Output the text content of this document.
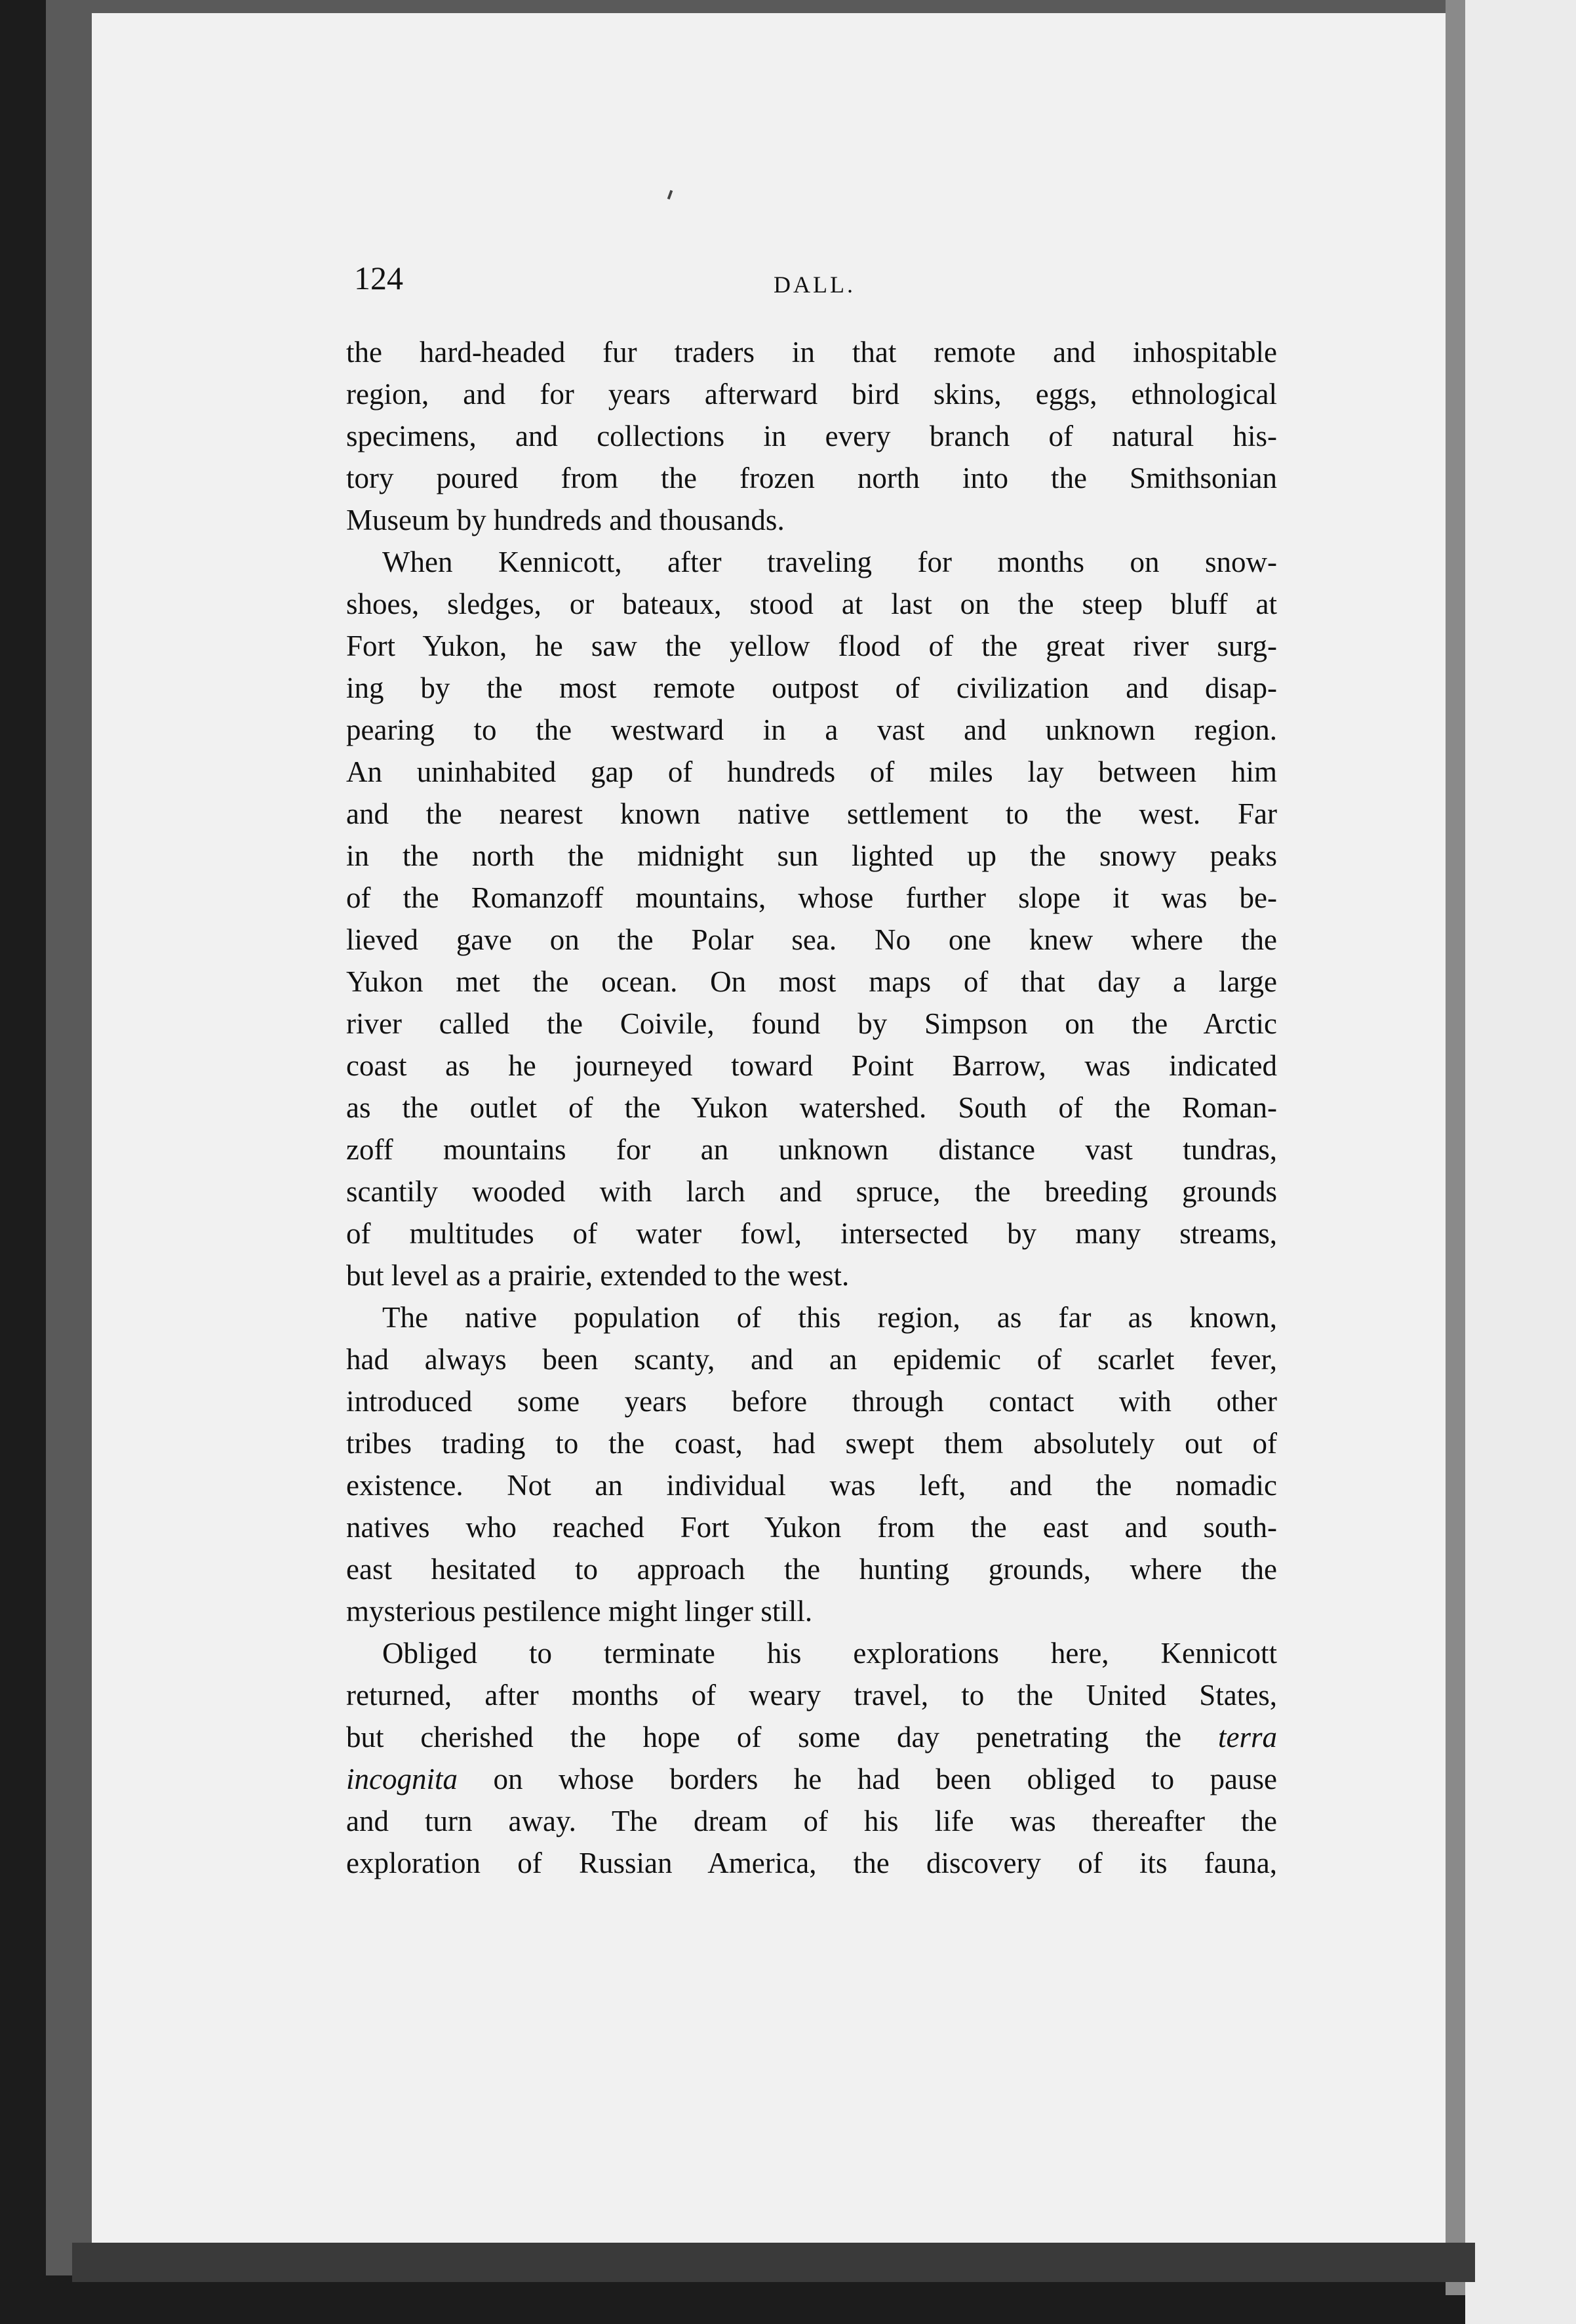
124	DALL.
the hard-headed fur traders in that remote and inhospitable
region, and for years afterward bird skins, eggs, ethnological
specimens, and collections in every branch of natural his-
tory poured from the frozen north into the Smithsonian
Museum by hundreds and thousands.
When Kennicott, after traveling for months on snow-
shoes, sledges, or bateaux, stood at last on the steep bluff at
Fort Yukon, he saw the yellow flood of the great river surg-
ing by the most remote outpost of civilization and disap-
pearing to the westward in a vast and unknown region.
An uninhabited gap of hundreds of miles lay between him
and the nearest known native settlement to the west. Far
in the north the midnight sun lighted up the snowy peaks
of the Romanzoff mountains, whose further slope it was be-
lieved gave on the Polar sea. No one knew where the
Yukon met the ocean. On most maps of that day a large
river called the Coivile, found by Simpson on the Arctic
coast as he journeyed toward Point Barrow, was indicated
as the outlet of the Yukon watershed. South of the Roman-
zoff mountains for an unknown distance vast tundras,
scantily wooded with larch and spruce, the breeding grounds
of multitudes of water fowl, intersected by many streams,
but level as a prairie, extended to the west.
The native population of this region, as far as known,
had always been scanty, and an epidemic of scarlet fever,
introduced some years before through contact with other
tribes trading to the coast, had swept them absolutely out of
existence. Not an individual was left, and the nomadic
natives who reached Fort Yukon from the east and south-
east hesitated to approach the hunting grounds, where the
mysterious pestilence might linger still.
Obliged to terminate his explorations here, Kennicott
returned, after months of weary travel, to the United States,
but cherished the hope of some day penetrating the terra
incognita on whose borders he had been obliged to pause
and turn away. The dream of his life was thereafter the
exploration of Russian America, the discovery of its fauna,
